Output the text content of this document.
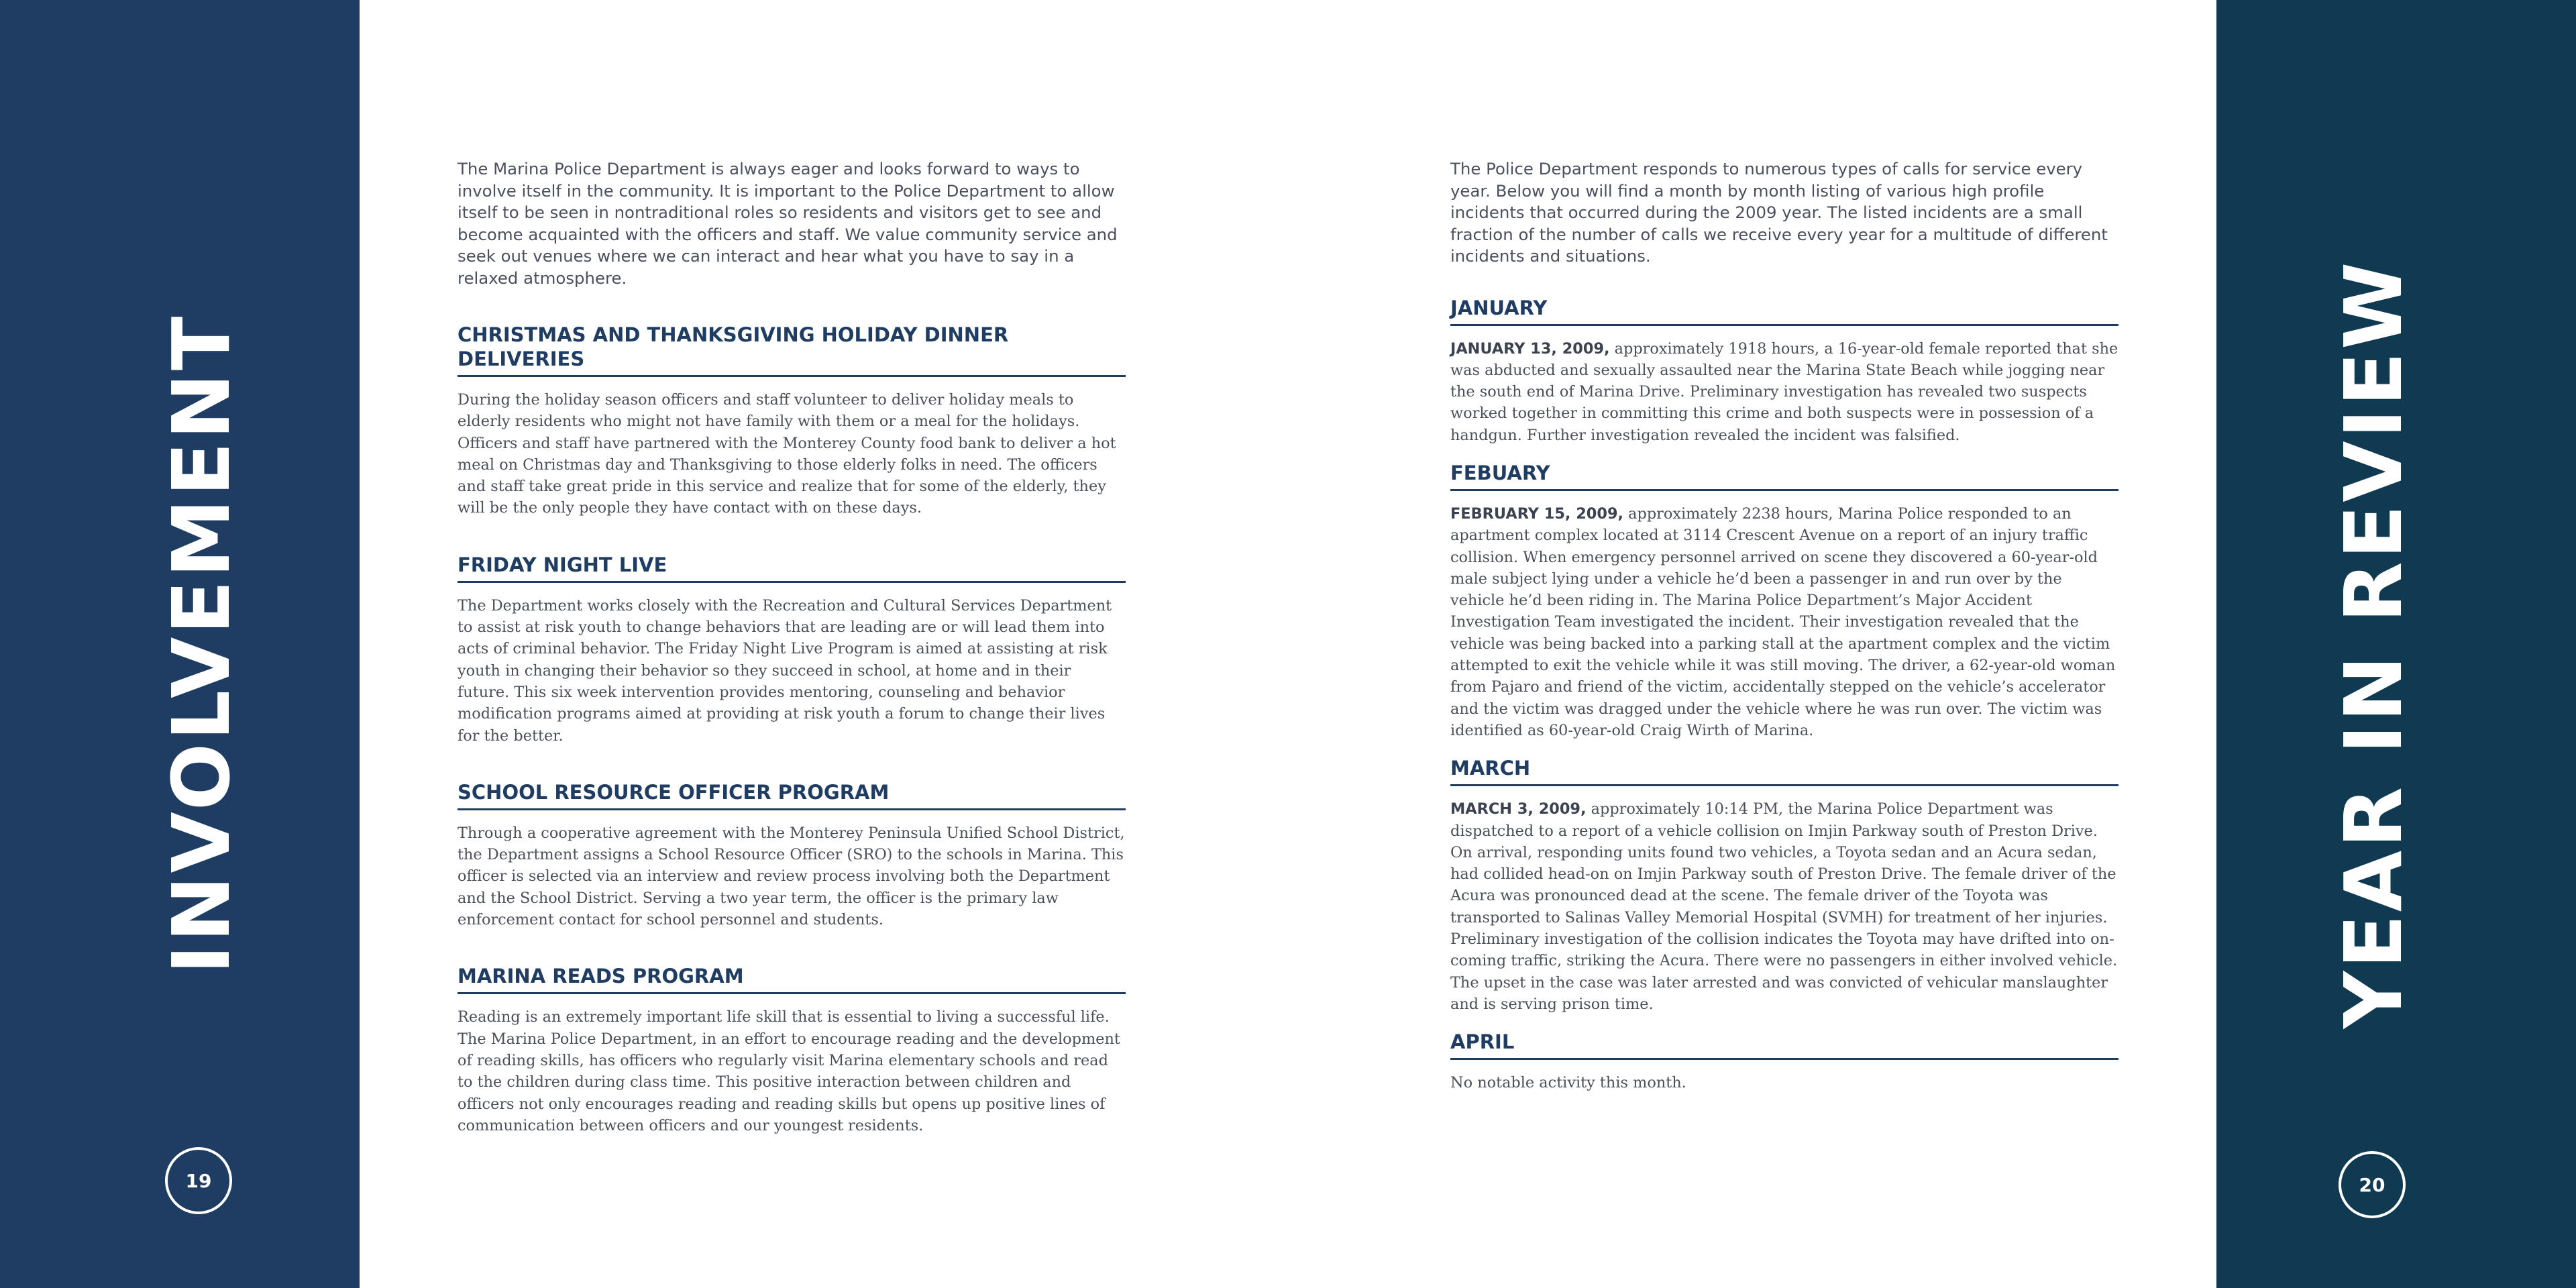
INVOLVEMENT
19
YEAR IN REVIEW
20

The Marina Police Department is always eager and looks forward to ways to involve itself in the community. It is important to the Police Department to allow itself to be seen in nontraditional roles so residents and visitors get to see and become acquainted with the officers and staff. We value community service and seek out venues where we can interact and hear what you have to say in a relaxed atmosphere.

CHRISTMAS AND THANKSGIVING HOLIDAY DINNER DELIVERIES

During the holiday season officers and staff volunteer to deliver holiday meals to elderly residents who might not have family with them or a meal for the holidays. Officers and staff have partnered with the Monterey County food bank to deliver a hot meal on Christmas day and Thanksgiving to those elderly folks in need. The officers and staff take great pride in this service and realize that for some of the elderly, they will be the only people they have contact with on these days.

FRIDAY NIGHT LIVE

The Department works closely with the Recreation and Cultural Services Department to assist at risk youth to change behaviors that are leading are or will lead them into acts of criminal behavior. The Friday Night Live Program is aimed at assisting at risk youth in changing their behavior so they succeed in school, at home and in their future. This six week intervention provides mentoring, counseling and behavior modification programs aimed at providing at risk youth a forum to change their lives for the better.

SCHOOL RESOURCE OFFICER PROGRAM

Through a cooperative agreement with the Monterey Peninsula Unified School District, the Department assigns a School Resource Officer (SRO) to the schools in Marina. This officer is selected via an interview and review process involving both the Department and the School District. Serving a two year term, the officer is the primary law enforcement contact for school personnel and students.

MARINA READS PROGRAM

Reading is an extremely important life skill that is essential to living a successful life. The Marina Police Department, in an effort to encourage reading and the development of reading skills, has officers who regularly visit Marina elementary schools and read to the children during class time. This positive interaction between children and officers not only encourages reading and reading skills but opens up positive lines of communication between officers and our youngest residents.

The Police Department responds to numerous types of calls for service every year. Below you will find a month by month listing of various high profile incidents that occurred during the 2009 year. The listed incidents are a small fraction of the number of calls we receive every year for a multitude of different incidents and situations.

JANUARY

JANUARY 13, 2009, approximately 1918 hours, a 16-year-old female reported that she was abducted and sexually assaulted near the Marina State Beach while jogging near the south end of Marina Drive. Preliminary investigation has revealed two suspects worked together in committing this crime and both suspects were in possession of a handgun. Further investigation revealed the incident was falsified.

FEBUARY

FEBRUARY 15, 2009, approximately 2238 hours, Marina Police responded to an apartment complex located at 3114 Crescent Avenue on a report of an injury traffic collision. When emergency personnel arrived on scene they discovered a 60-year-old male subject lying under a vehicle he’d been a passenger in and run over by the vehicle he’d been riding in. The Marina Police Department’s Major Accident Investigation Team investigated the incident. Their investigation revealed that the vehicle was being backed into a parking stall at the apartment complex and the victim attempted to exit the vehicle while it was still moving. The driver, a 62-year-old woman from Pajaro and friend of the victim, accidentally stepped on the vehicle’s accelerator and the victim was dragged under the vehicle where he was run over. The victim was identified as 60-year-old Craig Wirth of Marina.

MARCH

MARCH 3, 2009, approximately 10:14 PM, the Marina Police Department was dispatched to a report of a vehicle collision on Imjin Parkway south of Preston Drive. On arrival, responding units found two vehicles, a Toyota sedan and an Acura sedan, had collided head-on on Imjin Parkway south of Preston Drive. The female driver of the Acura was pronounced dead at the scene. The female driver of the Toyota was transported to Salinas Valley Memorial Hospital (SVMH) for treatment of her injuries. Preliminary investigation of the collision indicates the Toyota may have drifted into on-coming traffic, striking the Acura. There were no passengers in either involved vehicle. The upset in the case was later arrested and was convicted of vehicular manslaughter and is serving prison time.

APRIL

No notable activity this month.
